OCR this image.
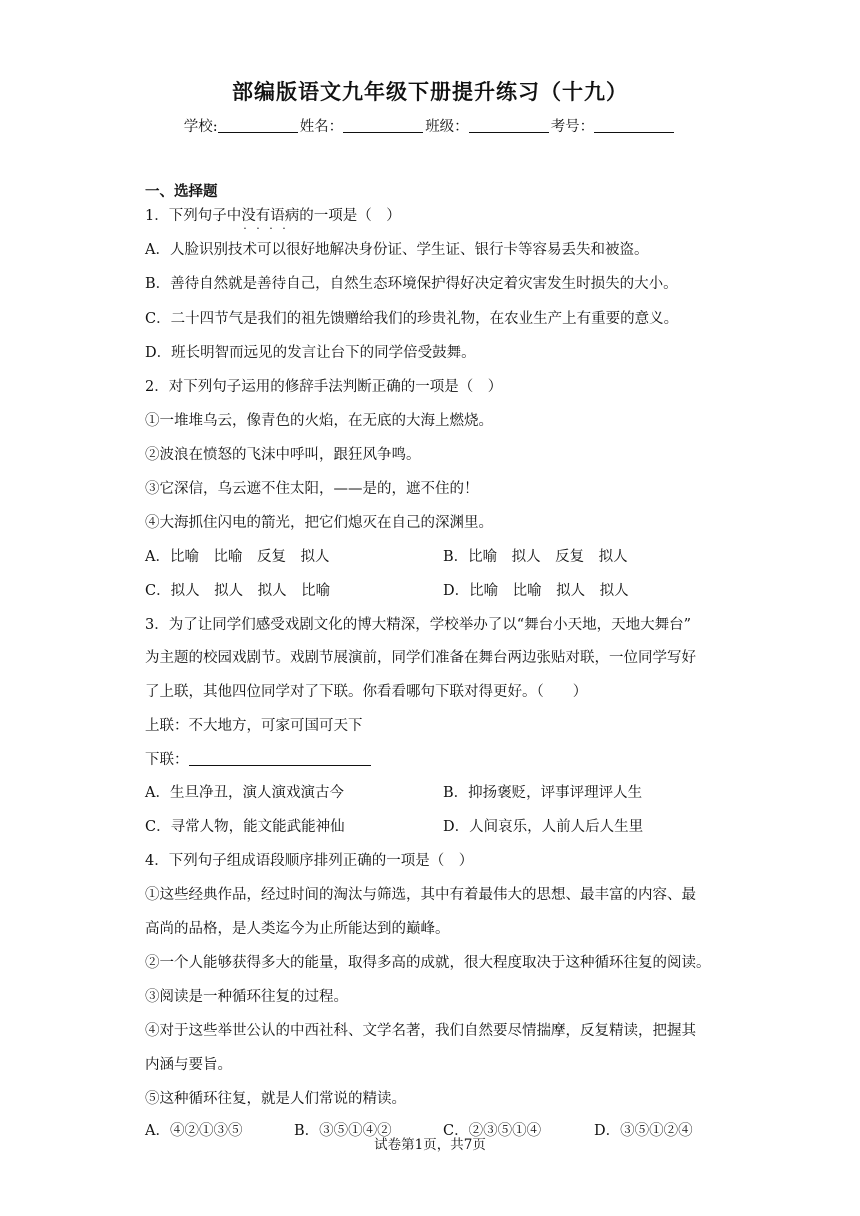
部编版语文九年级下册提升练习（十九）
学校:	姓名：	班级：	考号：
一、选择题
1．下列句子中没有语病 · · · ·的一项是（　）
A．人脸识别技术可以很好地解决身份证、学生证、银行卡等容易丢失和被盗。
B．善待自然就是善待自己，自然生态环境保护得好决定着灾害发生时损失的大小。
C．二十四节气是我们的祖先馈赠给我们的珍贵礼物，在农业生产上有重要的意义。
D．班长明智而远见的发言让台下的同学倍受鼓舞。
2．对下列句子运用的修辞手法判断正确的一项是（　）
①一堆堆乌云，像青色的火焰，在无底的大海上燃烧。
②波浪在愤怒的飞沫中呼叫，跟狂风争鸣。
③它深信，乌云遮不住太阳，——是的，遮不住的！
④大海抓住闪电的箭光，把它们熄灭在自己的深渊里。
A．比喻　比喻　反复　拟人	B．比喻　拟人　反复　拟人
C．拟人　拟人　拟人　比喻	D．比喻　比喻　拟人　拟人
3．为了让同学们感受戏剧文化的博大精深，学校举办了以“舞台小天地，天地大舞台”
为主题的校园戏剧节。戏剧节展演前，同学们准备在舞台两边张贴对联，一位同学写好
了上联，其他四位同学对了下联。你看看哪句下联对得更好。（　　）
上联：不大地方，可家可国可天下
下联：
A．生旦净丑，演人演戏演古今	B．抑扬褒贬，评事评理评人生
C．寻常人物，能文能武能神仙	D．人间哀乐，人前人后人生里
4．下列句子组成语段顺序排列正确的一项是（　）
①这些经典作品，经过时间的淘汰与筛选，其中有着最伟大的思想、最丰富的内容、最
高尚的品格，是人类迄今为止所能达到的巅峰。
②一个人能够获得多大的能量，取得多高的成就，很大程度取决于这种循环往复的阅读。
③阅读是一种循环往复的过程。
④对于这些举世公认的中西社科、文学名著，我们自然要尽情揣摩，反复精读，把握其
内涵与要旨。
⑤这种循环往复，就是人们常说的精读。
A．④②①③⑤	B．③⑤①④②	C．②③⑤①④	D．③⑤①②④
试卷第1页，共7页
